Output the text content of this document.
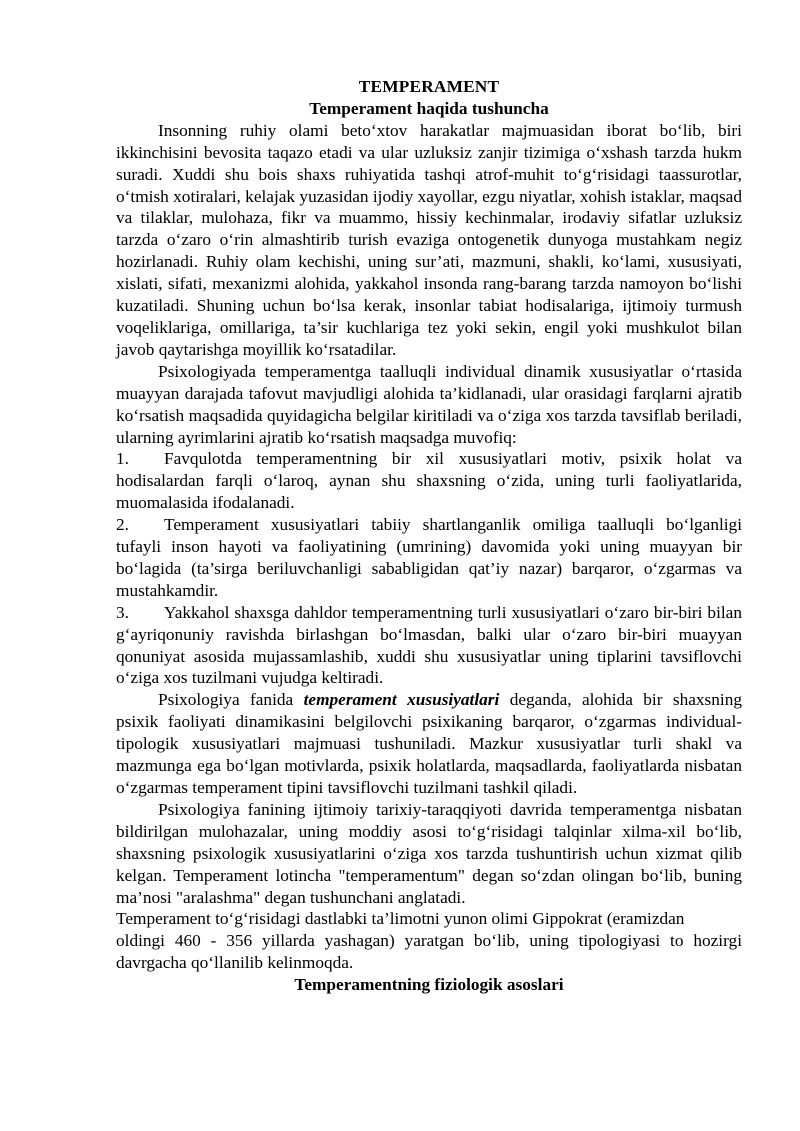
TEMPERAMENT
Temperament haqida tushuncha

Insonning ruhiy olami beto‘xtov harakatlar majmuasidan iborat bo‘lib, biri ikkinchisini bevosita taqazo etadi va ular uzluksiz zanjir tizimiga o‘xshash tarzda hukm suradi. Xuddi shu bois shaxs ruhiyatida tashqi atrof-muhit to‘g‘risidagi taassurotlar, o‘tmish xotiralari, kelajak yuzasidan ijodiy xayollar, ezgu niyatlar, xohish istaklar, maqsad va tilaklar, mulohaza, fikr va muammo, hissiy kechinmalar, irodaviy sifatlar uzluksiz tarzda o‘zaro o‘rin almashtirib turish evaziga ontogenetik dunyoga mustahkam negiz hozirlanadi. Ruhiy olam kechishi, uning sur’ati, mazmuni, shakli, ko‘lami, xususiyati, xislati, sifati, mexanizmi alohida, yakkahol insonda rang-barang tarzda namoyon bo‘lishi kuzatiladi. Shuning uchun bo‘lsa kerak, insonlar tabiat hodisalariga, ijtimoiy turmush voqeliklariga, omillariga, ta’sir kuchlariga tez yoki sekin, engil yoki mushkulot bilan javob qaytarishga moyillik ko‘rsatadilar.

Psixologiyada temperamentga taalluqli individual dinamik xususiyatlar o‘rtasida muayyan darajada tafovut mavjudligi alohida ta’kidlanadi, ular orasidagi farqlarni ajratib ko‘rsatish maqsadida quyidagicha belgilar kiritiladi va o‘ziga xos tarzda tavsiflab beriladi, ularning ayrimlarini ajratib ko‘rsatish maqsadga muvofiq:

1. Favqulotda temperamentning bir xil xususiyatlari motiv, psixik holat va hodisalardan farqli o‘laroq, aynan shu shaxsning o‘zida, uning turli faoliyatlarida, muomalasida ifodalanadi.

2. Temperament xususiyatlari tabiiy shartlanganlik omiliga taalluqli bo‘lganligi tufayli inson hayoti va faoliyatining (umrining) davomida yoki uning muayyan bir bo‘lagida (ta’sirga beriluvchanligi sababligidan qat’iy nazar) barqaror, o‘zgarmas va mustahkamdir.

3. Yakkahol shaxsga dahldor temperamentning turli xususiyatlari o‘zaro bir-biri bilan g‘ayriqonuniy ravishda birlashgan bo‘lmasdan, balki ular o‘zaro bir-biri muayyan qonuniyat asosida mujassamlashib, xuddi shu xususiyatlar uning tiplarini tavsiflovchi o‘ziga xos tuzilmani vujudga keltiradi.

Psixologiya fanida temperament xususiyatlari deganda, alohida bir shaxsning psixik faoliyati dinamikasini belgilovchi psixikaning barqaror, o‘zgarmas individual-tipologik xususiyatlari majmuasi tushuniladi. Mazkur xususiyatlar turli shakl va mazmunga ega bo‘lgan motivlarda, psixik holatlarda, maqsadlarda, faoliyatlarda nisbatan o‘zgarmas temperament tipini tavsiflovchi tuzilmani tashkil qiladi.

Psixologiya fanining ijtimoiy tarixiy-taraqqiyoti davrida temperamentga nisbatan bildirilgan mulohazalar, uning moddiy asosi to‘g‘risidagi talqinlar xilma-xil bo‘lib, shaxsning psixologik xususiyatlarini o‘ziga xos tarzda tushuntirish uchun xizmat qilib kelgan. Temperament lotincha "temperamentum" degan so‘zdan olingan bo‘lib, buning ma’nosi "aralashma" degan tushunchani anglatadi.

Temperament to‘g‘risidagi dastlabki ta’limotni yunon olimi Gippokrat (eramizdan
oldingi 460 - 356 yillarda yashagan) yaratgan bo‘lib, uning tipologiyasi to hozirgi davrgacha qo‘llanilib kelinmoqda.

Temperamentning fiziologik asoslari
